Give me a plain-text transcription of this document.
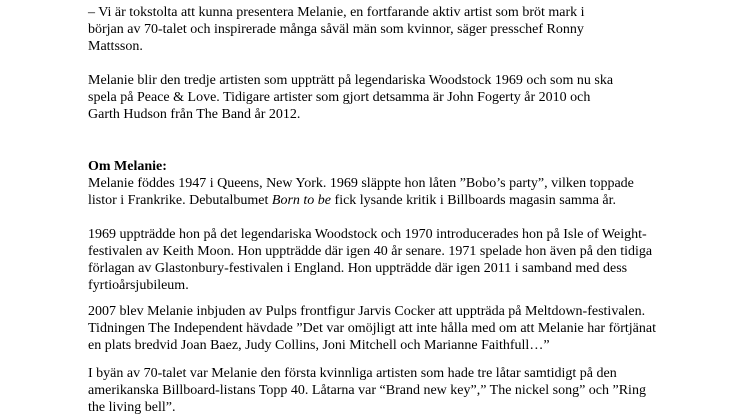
– Vi är tokstolta att kunna presentera Melanie, en fortfarande aktiv artist som bröt mark i
början av 70-talet och inspirerade många såväl män som kvinnor, säger presschef Ronny
Mattsson.

Melanie blir den tredje artisten som uppträtt på legendariska Woodstock 1969 och som nu ska
spela på Peace & Love. Tidigare artister som gjort detsamma är John Fogerty år 2010 och
Garth Hudson från The Band år 2012.

Om Melanie:

Melanie föddes 1947 i Queens, New York. 1969 släppte hon låten ”Bobo’s party”, vilken toppade
listor i Frankrike. Debutalbumet Born to be fick lysande kritik i Billboards magasin samma år.

1969 uppträdde hon på det legendariska Woodstock och 1970 introducerades hon på Isle of Weight-
festivalen av Keith Moon. Hon uppträdde där igen 40 år senare. 1971 spelade hon även på den tidiga
förlagan av Glastonbury-festivalen i England. Hon uppträdde där igen 2011 i samband med dess
fyrtioårsjubileum.

2007 blev Melanie inbjuden av Pulps frontfigur Jarvis Cocker att uppträda på Meltdown-festivalen.
Tidningen The Independent hävdade ”Det var omöjligt att inte hålla med om att Melanie har förtjänat
en plats bredvid Joan Baez, Judy Collins, Joni Mitchell och Marianne Faithfull…”

I byän av 70-talet var Melanie den första kvinnliga artisten som hade tre låtar samtidigt på den
amerikanska Billboard-listans Topp 40. Låtarna var “Brand new key”,” The nickel song” och ”Ring
the living bell”.
